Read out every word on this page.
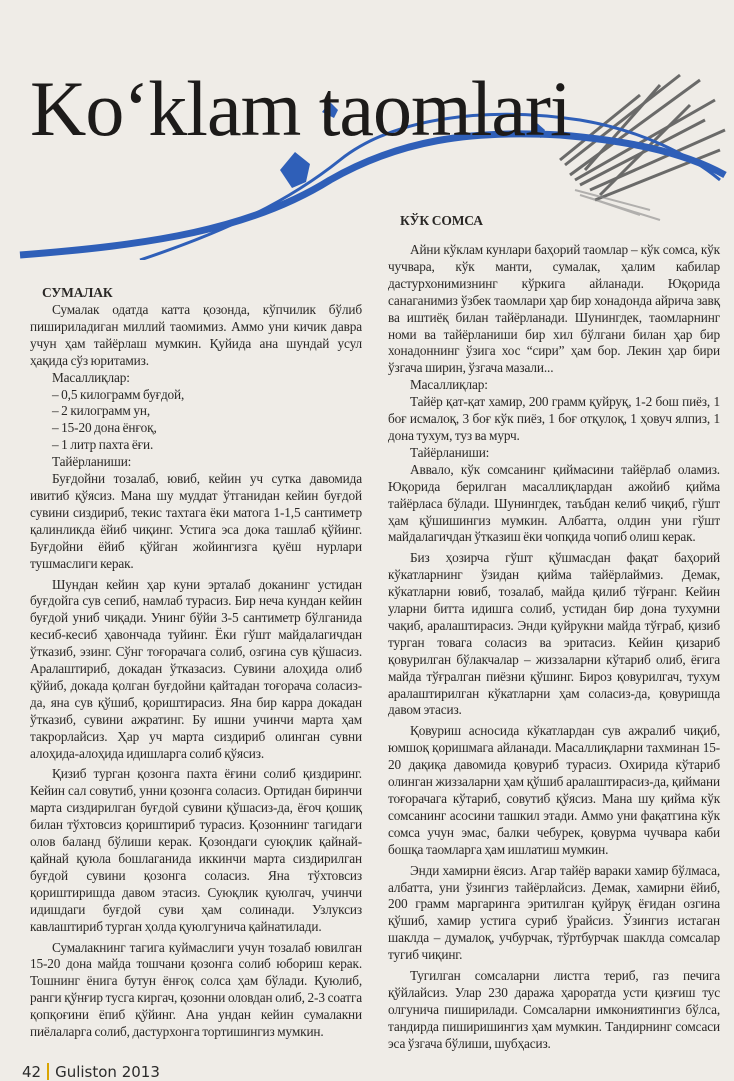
Ko‘klam taomlari
СУМАЛАК

Сумалак одатда катта қозонда, кўпчилик бўлиб пишириладиган миллий таомимиз. Аммо уни кичик давра учун ҳам тайёрлаш мумкин. Қуйида ана шундай усул ҳақида сўз юритамиз.

Масаллиқлар:

– 0,5 килограмм буғдой,

– 2 килограмм ун,

– 15-20 дона ёнғоқ,

– 1 литр пахта ёғи.

Тайёрланиши:

Буғдойни тозалаб, ювиб, кейин уч сутка давомида ивитиб қўясиз. Мана шу муддат ўтганидан кейин буғдой сувини сиздириб, текис тахтага ёки матога 1-1,5 сантиметр қалинликда ёйиб чиқинг. Устига эса дока ташлаб қўйинг. Буғдойни ёйиб қўйган жойингизга қуёш нурлари тушмаслиги керак.

Шундан кейин ҳар куни эрталаб доканинг устидан буғдойга сув сепиб, намлаб турасиз. Бир неча кундан кейин буғдой униб чиқади. Унинг бўйи 3-5 сантиметр бўлганида кесиб-кесиб ҳавончада туйинг. Ёки гўшт майдалагичдан ўтказиб, эзинг. Сўнг тоғорачага солиб, озгина сув қўшасиз. Аралаштириб, докадан ўтказасиз. Сувини алоҳида олиб қўйиб, докада қолган буғдойни қайтадан тоғорача соласиз-да, яна сув қўшиб, қориштирасиз. Яна бир карра докадан ўтказиб, сувини ажратинг. Бу ишни учинчи марта ҳам такрорлайсиз. Ҳар уч марта сиздириб олинган сувни алоҳида-алоҳида идишларга солиб қўясиз.

Қизиб турган қозонга пахта ёғини солиб қиздиринг. Кейин сал совутиб, унни қозонга соласиз. Ортидан биринчи марта сиздирилган буғдой сувини қўшасиз-да, ёғоч қошиқ билан тўхтовсиз қориштириб турасиз. Қозоннинг тагидаги олов баланд бўлиши керак. Қозондаги суюқлик қайнай-қайнай қуюла бошлаганида иккинчи марта сиздирилган буғдой сувини қозонга соласиз. Яна тўхтовсиз қориштиришда давом этасиз. Суюқлик қуюлгач, учинчи идишдаги буғдой суви ҳам солинади. Узлуксиз кавлаштириб турган ҳолда қуюлгунича қайнатилади.

Сумалакнинг тагига куймаслиги учун тозалаб ювилган 15-20 дона майда тошчани қозонга солиб юбориш керак. Тошнинг ёнига бутун ёнғоқ солса ҳам бўлади. Қуюлиб, ранги қўнғир тусга киргач, қозонни оловдан олиб, 2-3 соатга қопқоғини ёпиб қўйинг. Ана ундан кейин сумалакни пиёлаларга солиб, дастурхонга тортишингиз мумкин.

42 Guliston 2013
КЎК СОМСА

Айни кўклам кунлари баҳорий таомлар – кўк сомса, кўк чучвара, кўк манти, сумалак, ҳалим кабилар дастурхонимизнинг кўркига айланади. Юқорида санаганимиз ўзбек таомлари ҳар бир хонадонда айрича завқ ва иштиёқ билан тайёрланади. Шунингдек, таомларнинг номи ва тайёрланиши бир хил бўлгани билан ҳар бир хонадоннинг ўзига хос “сири” ҳам бор. Лекин ҳар бири ўзгача ширин, ўзгача мазали...

Масаллиқлар:

Тайёр қат-қат хамир, 200 грамм қуйруқ, 1-2 бош пиёз, 1 боғ исмалоқ, 3 боғ кўк пиёз, 1 боғ отқулоқ, 1 ҳовуч ялпиз, 1 дона тухум, туз ва мурч.

Тайёрланиши:

Аввало, кўк сомсанинг қиймасини тайёрлаб оламиз. Юқорида берилган масаллиқлардан ажойиб қийма тайёрласа бўлади. Шунингдек, таъбдан келиб чиқиб, гўшт ҳам қўшишингиз мумкин. Албатта, олдин уни гўшт майдалагичдан ўтказиш ёки чопқида чопиб олиш керак.

Биз ҳозирча гўшт қўшмасдан фақат баҳорий кўкатларнинг ўзидан қийма тайёрлаймиз. Демак, кўкатларни ювиб, тозалаб, майда қилиб тўғранг. Кейин уларни битта идишга солиб, устидан бир дона тухумни чақиб, аралаштирасиз. Энди қуйрукни майда тўғраб, қизиб турган товага соласиз ва эритасиз. Кейин қизариб қовурилган бўлакчалар – жиззаларни кўтариб олиб, ёғига майда тўғралган пиёзни қўшинг. Бироз қовурилгач, тухум аралаштирилган кўкатларни ҳам соласиз-да, қовуришда давом этасиз.

Қовуриш асносида кўкатлардан сув ажралиб чиқиб, юмшоқ қоришмага айланади. Масаллиқларни тахминан 15-20 дақиқа давомида қовуриб турасиз. Охирида кўтариб олинган жиззаларни ҳам қўшиб аралаштирасиз-да, қиймани тоғорачага кўтариб, совутиб қўясиз. Мана шу қийма кўк сомсанинг асосини ташкил этади. Аммо уни фақатгина кўк сомса учун эмас, балки чебурек, қовурма чучвара каби бошқа таомларга ҳам ишлатиш мумкин.

Энди хамирни ёясиз. Агар тайёр вараки хамир бўлмаса, албатта, уни ўзингиз тайёрлайсиз. Демак, хамирни ёйиб, 200 грамм маргаринга эритилган қуйруқ ёғидан озгина қўшиб, хамир устига суриб ўрайсиз. Ўзингиз истаган шаклда – думалоқ, учбурчак, тўртбурчак шаклда сомсалар тугиб чиқинг.

Тугилган сомсаларни листга териб, газ печига қўйлайсиз. Улар 230 даража ҳароратда усти қизғиш тус олгунича пиширилади. Сомсаларни имкониятингиз бўлса, тандирда пиширишингиз ҳам мумкин. Тандирнинг сомсаси эса ўзгача бўлиши, шубҳасиз.
